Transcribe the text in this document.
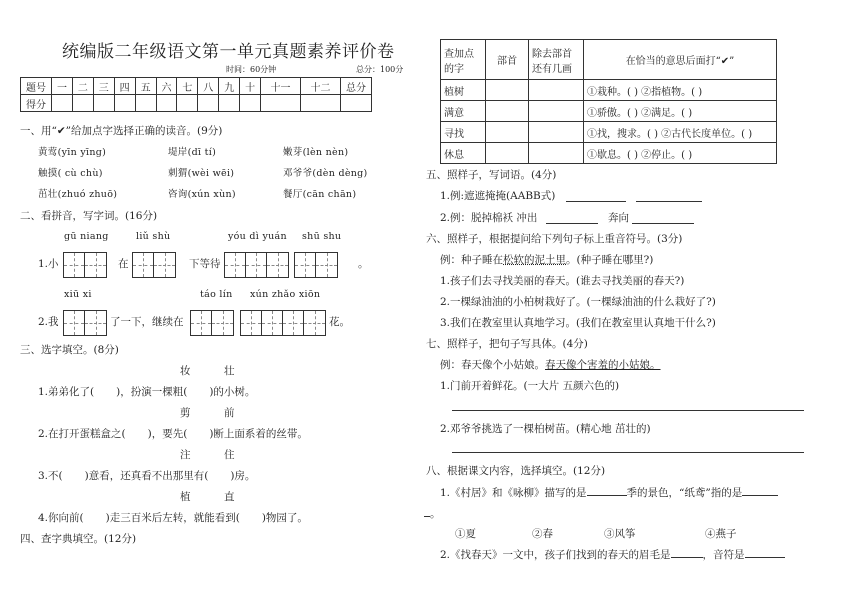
统编版二年级语文第一单元真题素养评价卷
时间：60分钟	总分：100分
题号	一	二	三	四	五	六	七	八	九	十	十一	十二	总分
得分													
一、用“✔”给加点字选择正确的读音。(9分)
黄莺(yīn yīng)	堤岸(dī tí)	嫩芽(lèn nèn)
触摸( cù chù)	刺猬(wèi wēi)	邓爷爷(dèn dèng)
茁壮(zhuó zhuō)	咨询(xún xùn)	餐厅(cān chān)
二、看拼音，写字词。(16分)
gū niang	liǔ shù	yóu dì yuán shū shu
1.小	在	下等待	。
xiū xi	táo lín xún zhǎo xiōn
2.我	了一下，继续在	花。
三、选字填空。(8分)
妆	壮
1.弟弟化了( )，扮演一棵粗( )的小树。
剪	前
2.在打开蛋糕盒之( )，要先( )断上面系着的丝带。
注	住
3.不( )意看，还真看不出那里有( )房。
植	直
4.你向前( )走三百米后左转，就能看到( )物园了。
四、查字典填空。(12分)
查加点的字	部首	除去部首还有几画	在恰当的意思后面打“✔”
植树			①栽种。( ) ②指植物。( )
满意			①骄傲。( ) ②满足。( )
寻找			①找，搜求。( ) ②古代长度单位。( )
休息			①歇息。( ) ②停止。( )
五、照样子，写词语。(4分)
1.例:遮遮掩掩(AABB式)
2.例：脱掉棉袄 冲出	奔向
六、照样子，根据提问给下列句子标上重音符号。(3分)
例：种子睡在松软的泥土里。(种子睡在哪里?)
1.孩子们去寻找美丽的春天。(谁去寻找美丽的春天?)
2.一棵绿油油的小柏树栽好了。(一棵绿油油的什么栽好了?)
3.我们在教室里认真地学习。(我们在教室里认真地干什么?)
七、照样子，把句子写具体。(4分)
例：春天像个小姑娘。春天像个害羞的小姑娘。
1.门前开着鲜花。(一大片 五颜六色的)
2.邓爷爷挑选了一棵柏树苗。(精心地 茁壮的)
八、根据课文内容，选择填空。(12分)
1.《村居》和《咏柳》描写的是	季的景色，“纸鸢”指的是
。
①夏	②春	③风筝	④燕子
2.《找春天》一文中，孩子们找到的春天的眉毛是	，音符是
